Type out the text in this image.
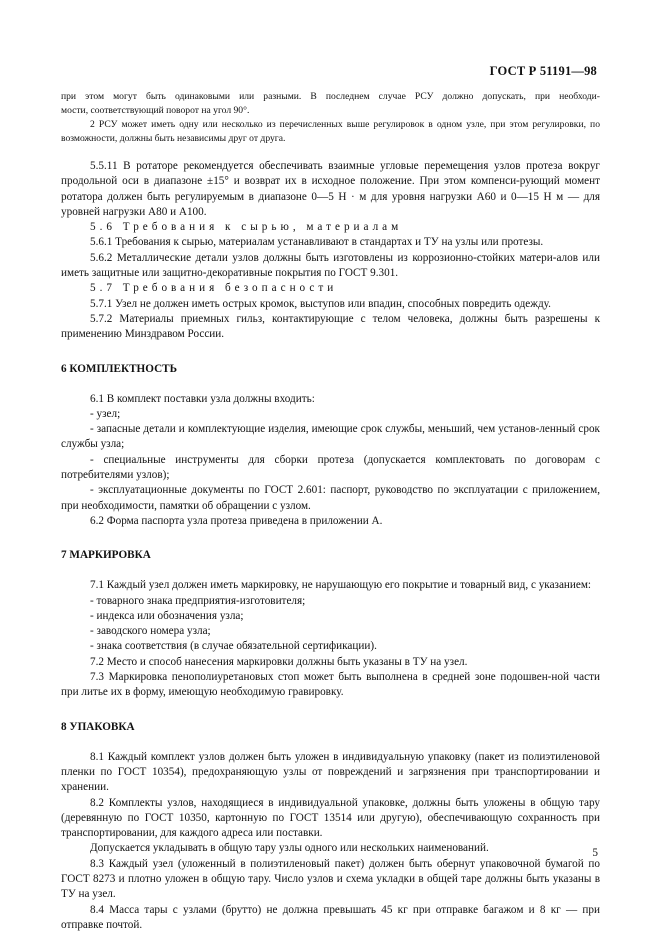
ГОСТ Р 51191—98

при этом могут быть одинаковыми или разными. В последнем случае РСУ должно допускать, при необходи-
мости, соответствующий поворот на угол 90°.

2 РСУ может иметь одну или несколько из перечисленных выше регулировок в одном узле, при этом регулировки, по возможности, должны быть независимы друг от друга.

5.5.11 В ротаторе рекомендуется обеспечивать взаимные угловые перемещения узлов протеза вокруг продольной оси в диапазоне ±15° и возврат их в исходное положение. При этом компенси-рующий момент ротатора должен быть регулируемым в диапазоне 0—5 Н · м для уровня нагрузки А60 и 0—15 Н м — для уровней нагрузки А80 и А100.

5.6 Требования к сырью, материалам

5.6.1 Требования к сырью, материалам устанавливают в стандартах и ТУ на узлы или протезы.

5.6.2 Металлические детали узлов должны быть изготовлены из коррозионно-стойких матери-алов или иметь защитные или защитно-декоративные покрытия по ГОСТ 9.301.

5.7 Требования безопасности

5.7.1 Узел не должен иметь острых кромок, выступов или впадин, способных повредить одежду.

5.7.2 Материалы приемных гильз, контактирующие с телом человека, должны быть разрешены к применению Минздравом России.

6 КОМПЛЕКТНОСТЬ

6.1 В комплект поставки узла должны входить:

- узел;

- запасные детали и комплектующие изделия, имеющие срок службы, меньший, чем установ-ленный срок службы узла;

- специальные инструменты для сборки протеза (допускается комплектовать по договорам с потребителями узлов);

- эксплуатационные документы по ГОСТ 2.601: паспорт, руководство по эксплуатации с приложением, при необходимости, памятки об обращении с узлом.

6.2 Форма паспорта узла протеза приведена в приложении А.

7 МАРКИРОВКА

7.1 Каждый узел должен иметь маркировку, не нарушающую его покрытие и товарный вид, с указанием:

- товарного знака предприятия-изготовителя;

- индекса или обозначения узла;

- заводского номера узла;

- знака соответствия (в случае обязательной сертификации).

7.2 Место и способ нанесения маркировки должны быть указаны в ТУ на узел.

7.3 Маркировка пенополиуретановых стоп может быть выполнена в средней зоне подошвен-ной части при литье их в форму, имеющую необходимую гравировку.

8 УПАКОВКА

8.1 Каждый комплект узлов должен быть уложен в индивидуальную упаковку (пакет из полиэтиленовой пленки по ГОСТ 10354), предохраняющую узлы от повреждений и загрязнения при транспортировании и хранении.

8.2 Комплекты узлов, находящиеся в индивидуальной упаковке, должны быть уложены в общую тару (деревянную по ГОСТ 10350, картонную по ГОСТ 13514 или другую), обеспечивающую сохранность при транспортировании, для каждого адреса или поставки.

Допускается укладывать в общую тару узлы одного или нескольких наименований.

8.3 Каждый узел (уложенный в полиэтиленовый пакет) должен быть обернут упаковочной бумагой по ГОСТ 8273 и плотно уложен в общую тару. Число узлов и схема укладки в общей таре должны быть указаны в ТУ на узел.

8.4 Масса тары с узлами (брутто) не должна превышать 45 кг при отправке багажом и 8 кг — при отправке почтой.

5
